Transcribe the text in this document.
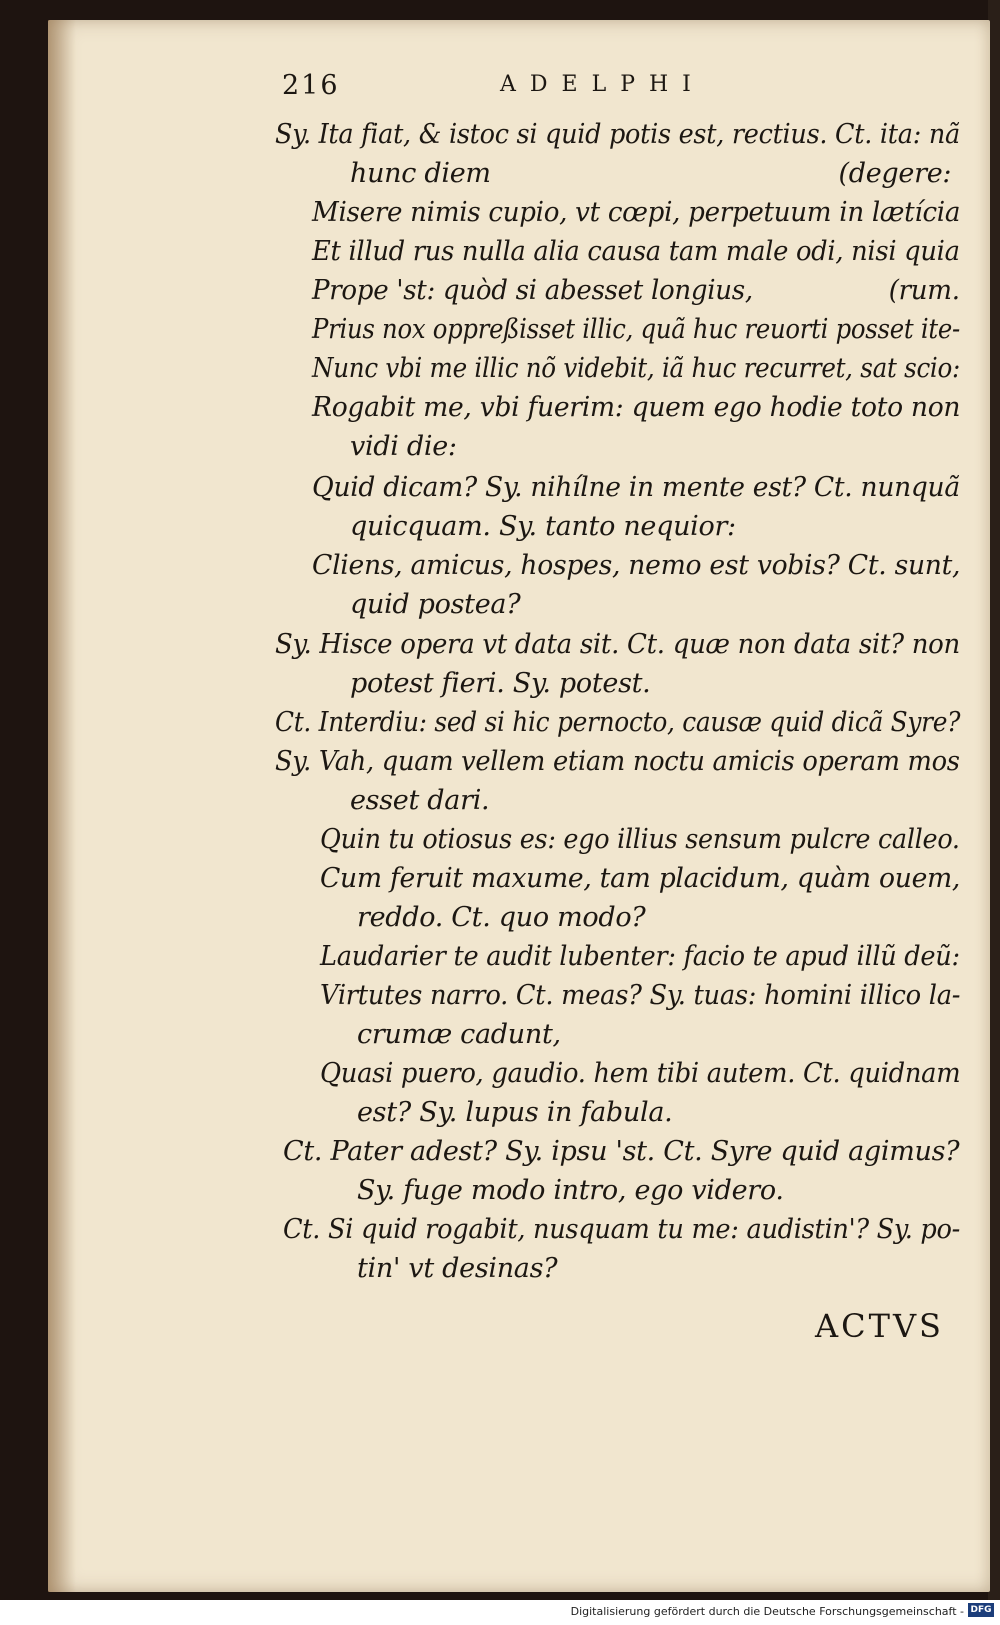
216	ADELPHI
Sy. Ita fiat, & istoc si quid potis est, rectius. Ct. ita: nã
hunc diem                                          (degere:
Misere nimis cupio, vt cœpi, perpetuum in lætícia
Et illud rus nulla alia causa tam male odi, nisi quia
Prope 'st: quòd si abesset longius,                 (rum.
Prius nox oppreßisset illic, quã huc reuorti posset ite-
Nunc vbi me illic nõ videbit, iã huc recurret, sat scio:
Rogabit me, vbi fuerim: quem ego hodie toto non
vidi die:
Quid dicam? Sy. nihílne in mente est? Ct. nunquã
quicquam. Sy. tanto nequior:
Cliens, amicus, hospes, nemo est vobis? Ct. sunt,
quid postea?
Sy. Hisce opera vt data sit. Ct. quæ non data sit? non
potest fieri. Sy. potest.
Ct. Interdiu: sed si hic pernocto, causæ quid dicã Syre?
Sy. Vah, quam vellem etiam noctu amicis operam mos
esset dari.
Quin tu otiosus es: ego illius sensum pulcre calleo.
Cum feruit maxume, tam placidum, quàm ouem,
reddo. Ct. quo modo?
Laudarier te audit lubenter: facio te apud illũ deũ:
Virtutes narro. Ct. meas? Sy. tuas: homini illico la-
crumæ cadunt,
Quasi puero, gaudio. hem tibi autem. Ct. quidnam
est? Sy. lupus in fabula.
Ct. Pater adest? Sy. ipsu 'st. Ct. Syre quid agimus?
Sy. fuge modo intro, ego videro.
Ct. Si quid rogabit, nusquam tu me: audistin'? Sy. po-
tin' vt desinas?
ACTVS
Digitalisierung gefördert durch die Deutsche Forschungsgemeinschaft - DFG
